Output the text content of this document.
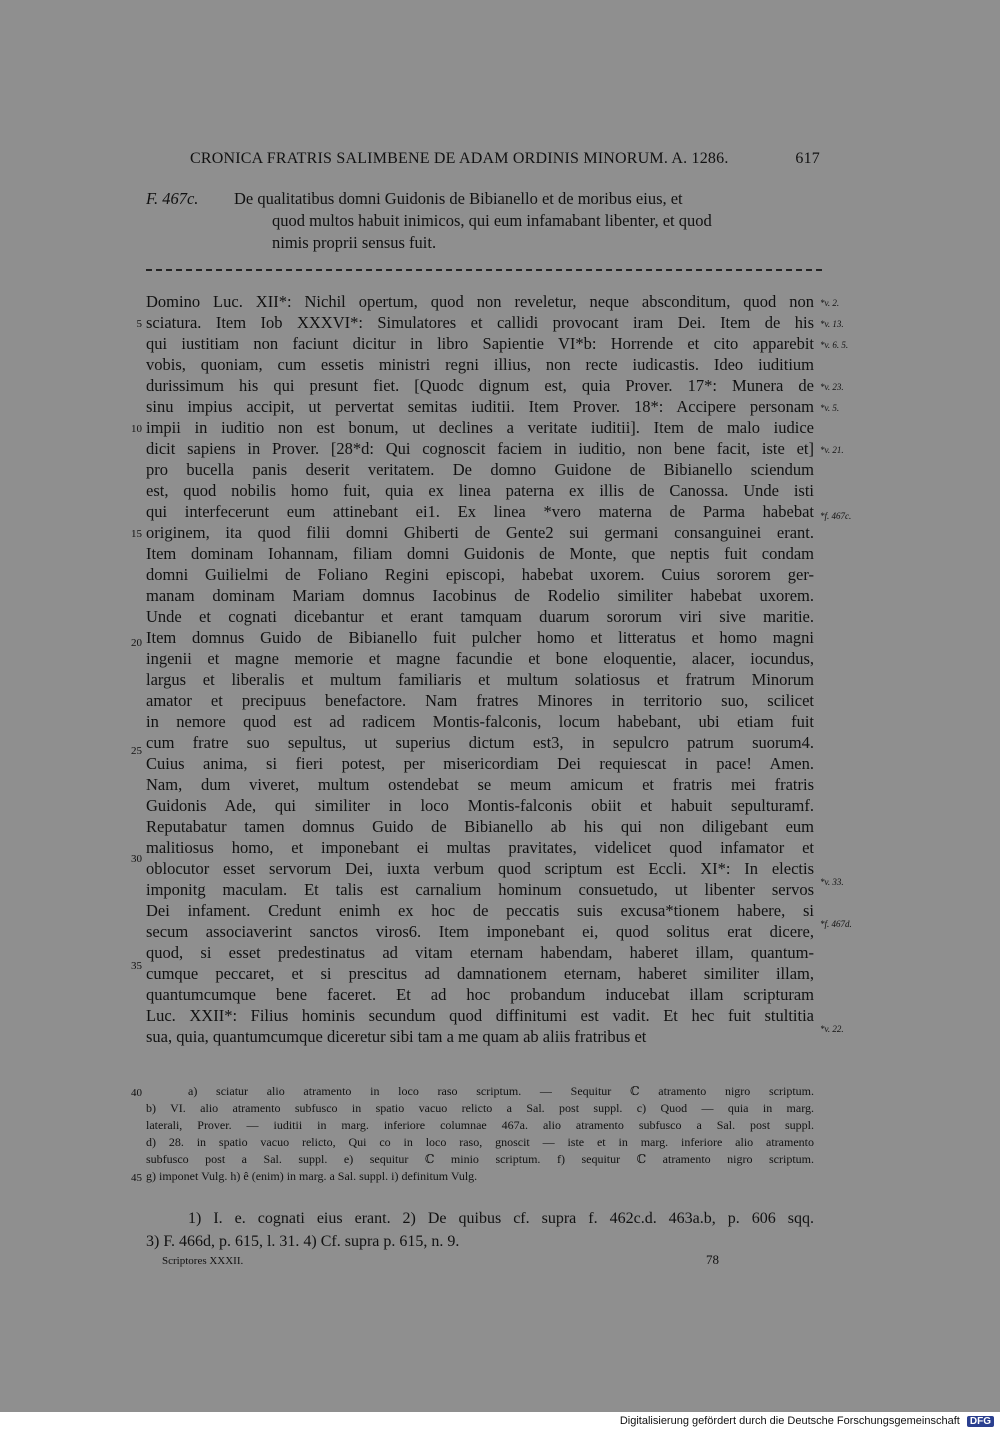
CRONICA FRATRIS SALIMBENE DE ADAM ORDINIS MINORUM. A. 1286.	617
F. 467c. De qualitatibus domni Guidonis de Bibianello et de moribus eius, et
quod multos habuit inimicos, qui eum infamabant libenter, et quod
nimis proprii sensus fuit.
Domino Luc. XII*: Nichil opertum, quod non reveletur, neque absconditum, quod non
sciatura. Item Iob XXXVI*: Simulatores et callidi provocant iram Dei. Item de his
qui iustitiam non faciunt dicitur in libro Sapientie VI*b: Horrende et cito apparebit
vobis, quoniam, cum essetis ministri regni illius, non recte iudicastis. Ideo iuditium
durissimum his qui presunt fiet. [Quodc dignum est, quia Prover. 17*: Munera de
sinu impius accipit, ut pervertat semitas iuditii. Item Prover. 18*: Accipere personam
impii in iuditio non est bonum, ut declines a veritate iuditii]. Item de malo iudice
dicit sapiens in Prover. [28*d: Qui cognoscit faciem in iuditio, non bene facit, iste et]
pro bucella panis deserit veritatem. De domno Guidone de Bibianello sciendum
est, quod nobilis homo fuit, quia ex linea paterna ex illis de Canossa. Unde isti
qui interfecerunt eum attinebant ei1. Ex linea *vero materna de Parma habebat
originem, ita quod filii domni Ghiberti de Gente2 sui germani consanguinei erant.
Item dominam Iohannam, filiam domni Guidonis de Monte, que neptis fuit condam
domni Guilielmi de Foliano Regini episcopi, habebat uxorem. Cuius sororem ger-
manam dominam Mariam domnus Iacobinus de Rodelio similiter habebat uxorem.
Unde et cognati dicebantur et erant tamquam duarum sororum viri sive maritie.
Item domnus Guido de Bibianello fuit pulcher homo et litteratus et homo magni
ingenii et magne memorie et magne facundie et bone eloquentie, alacer, iocundus,
largus et liberalis et multum familiaris et multum solatiosus et fratrum Minorum
amator et precipuus benefactore. Nam fratres Minores in territorio suo, scilicet
in nemore quod est ad radicem Montis-falconis, locum habebant, ubi etiam fuit
cum fratre suo sepultus, ut superius dictum est3, in sepulcro patrum suorum4.
Cuius anima, si fieri potest, per misericordiam Dei requiescat in pace! Amen.
Nam, dum viveret, multum ostendebat se meum amicum et fratris mei fratris
Guidonis Ade, qui similiter in loco Montis-falconis obiit et habuit sepulturamf.
Reputabatur tamen domnus Guido de Bibianello ab his qui non diligebant eum
malitiosus homo, et imponebant ei multas pravitates, videlicet quod infamator et
oblocutor esset servorum Dei, iuxta verbum quod scriptum est Eccli. XI*: In electis
imponitg maculam. Et talis est carnalium hominum consuetudo, ut libenter servos
Dei infament. Credunt enimh ex hoc de peccatis suis excusa*tionem habere, si
secum associaverint sanctos viros6. Item imponebant ei, quod solitus erat dicere,
quod, si esset predestinatus ad vitam eternam habendam, haberet illam, quantum-
cumque peccaret, et si prescitus ad damnationem eternam, haberet similiter illam,
quantumcumque bene faceret. Et ad hoc probandum inducebat illam scripturam
Luc. XXII*: Filius hominis secundum quod diffinitumi est vadit. Et hec fuit stultitia
sua, quia, quantumcumque diceretur sibi tam a me quam ab aliis fratribus et
5
10
15
20
25
30
35
40
45
*v. 2.
*v. 13.
*v. 6. 5.
*v. 23.
*v. 5.
*v. 21.
*f. 467c.
*v. 33.
*f. 467d.
*v. 22.
a) sciatur alio atramento in loco raso scriptum. — Sequitur ℂ atramento nigro scriptum.
b) VI. alio atramento subfusco in spatio vacuo relicto a Sal. post suppl. c) Quod — quia in marg.
laterali, Prover. — iuditii in marg. inferiore columnae 467a. alio atramento subfusco a Sal. post suppl.
d) 28. in spatio vacuo relicto, Qui co in loco raso, gnoscit — iste et in marg. inferiore alio atramento
subfusco post a Sal. suppl. e) sequitur ℂ minio scriptum. f) sequitur ℂ atramento nigro scriptum.
g) imponet Vulg. h) ê (enim) in marg. a Sal. suppl. i) definitum Vulg.
1) I. e. cognati eius erant. 2) De quibus cf. supra f. 462c.d. 463a.b, p. 606 sqq.
3) F. 466d, p. 615, l. 31. 4) Cf. supra p. 615, n. 9.
Scriptores XXXII.	78
Digitalisierung gefördert durch die Deutsche Forschungsgemeinschaft DFG
